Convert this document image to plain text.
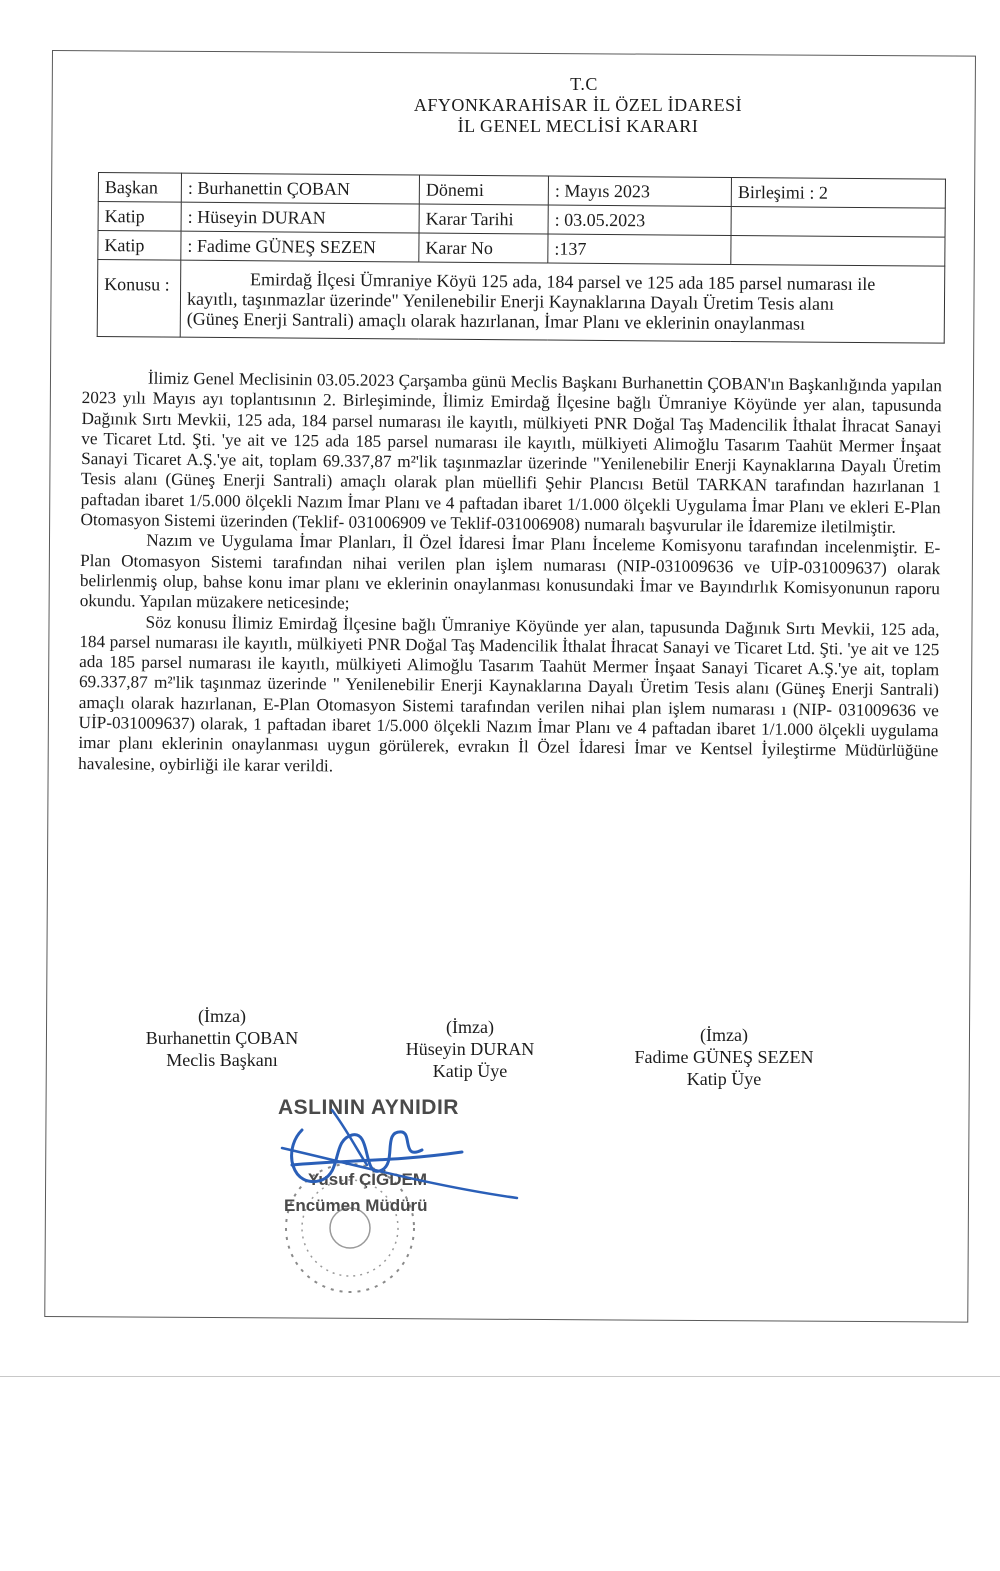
T.C
AFYONKARAHİSAR İL ÖZEL İDARESİ
İL GENEL MECLİSİ KARARI
Başkan	: Burhanettin ÇOBAN	Dönemi	: Mayıs 2023	Birleşimi : 2
Katip	: Hüseyin DURAN	Karar Tarihi	: 03.05.2023	
Katip	: Fadime GÜNEŞ SEZEN	Karar No	:137	
Konusu :	Emirdağ İlçesi Ümraniye Köyü 125 ada, 184 parsel ve 125 ada 185 parsel numarası ile
kayıtlı, taşınmazlar üzerinde" Yenilenebilir Enerji Kaynaklarına Dayalı Üretim Tesis alanı
(Güneş Enerji Santrali) amaçlı olarak hazırlanan, İmar Planı ve eklerinin onaylanması			

İlimiz Genel Meclisinin 03.05.2023 Çarşamba günü Meclis Başkanı Burhanettin ÇOBAN'ın Başkanlığında yapılan 2023 yılı Mayıs ayı toplantısının 2. Birleşiminde, İlimiz Emirdağ İlçesine bağlı Ümraniye Köyünde yer alan, tapusunda Dağınık Sırtı Mevkii, 125 ada, 184 parsel numarası ile kayıtlı, mülkiyeti PNR Doğal Taş Madencilik İthalat İhracat Sanayi ve Ticaret Ltd. Şti. 'ye ait ve 125 ada 185 parsel numarası ile kayıtlı, mülkiyeti Alimoğlu Tasarım Taahüt Mermer İnşaat Sanayi Ticaret A.Ş.'ye ait, toplam 69.337,87 m²'lik taşınmazlar üzerinde "Yenilenebilir Enerji Kaynaklarına Dayalı Üretim Tesis alanı (Güneş Enerji Santrali) amaçlı olarak plan müellifi Şehir Plancısı Betül TARKAN tarafından hazırlanan 1 paftadan ibaret 1/5.000 ölçekli Nazım İmar Planı ve 4 paftadan ibaret 1/1.000 ölçekli Uygulama İmar Planı ve ekleri E-Plan Otomasyon Sistemi üzerinden (Teklif- 031006909 ve Teklif-031006908) numaralı başvurular ile İdaremize iletilmiştir.

Nazım ve Uygulama İmar Planları, İl Özel İdaresi İmar Planı İnceleme Komisyonu tarafından incelenmiştir. E-Plan Otomasyon Sistemi tarafından nihai verilen plan işlem numarası (NIP-031009636 ve UİP-031009637) olarak belirlenmiş olup, bahse konu imar planı ve eklerinin onaylanması konusundaki İmar ve Bayındırlık Komisyonunun raporu okundu. Yapılan müzakere neticesinde;

Söz konusu İlimiz Emirdağ İlçesine bağlı Ümraniye Köyünde yer alan, tapusunda Dağınık Sırtı Mevkii, 125 ada, 184 parsel numarası ile kayıtlı, mülkiyeti PNR Doğal Taş Madencilik İthalat İhracat Sanayi ve Ticaret Ltd. Şti. 'ye ait ve 125 ada 185 parsel numarası ile kayıtlı, mülkiyeti Alimoğlu Tasarım Taahüt Mermer İnşaat Sanayi Ticaret A.Ş.'ye ait, toplam 69.337,87 m²'lik taşınmaz üzerinde " Yenilenebilir Enerji Kaynaklarına Dayalı Üretim Tesis alanı (Güneş Enerji Santrali) amaçlı olarak hazırlanan, E-Plan Otomasyon Sistemi tarafından verilen nihai plan işlem numarası ı (NIP- 031009636 ve UİP-031009637) olarak, 1 paftadan ibaret 1/5.000 ölçekli Nazım İmar Planı ve 4 paftadan ibaret 1/1.000 ölçekli uygulama imar planı eklerinin onaylanması uygun görülerek, evrakın İl Özel İdaresi İmar ve Kentsel İyileştirme Müdürlüğüne havalesine, oybirliği ile karar verildi.

(İmza)
Burhanettin ÇOBAN
Meclis Başkanı
(İmza)
Hüseyin DURAN
Katip Üye
(İmza)
Fadime GÜNEŞ SEZEN
Katip Üye
ASLININ AYNIDIR
Yusuf ÇİĞDEM
Encümen Müdürü
